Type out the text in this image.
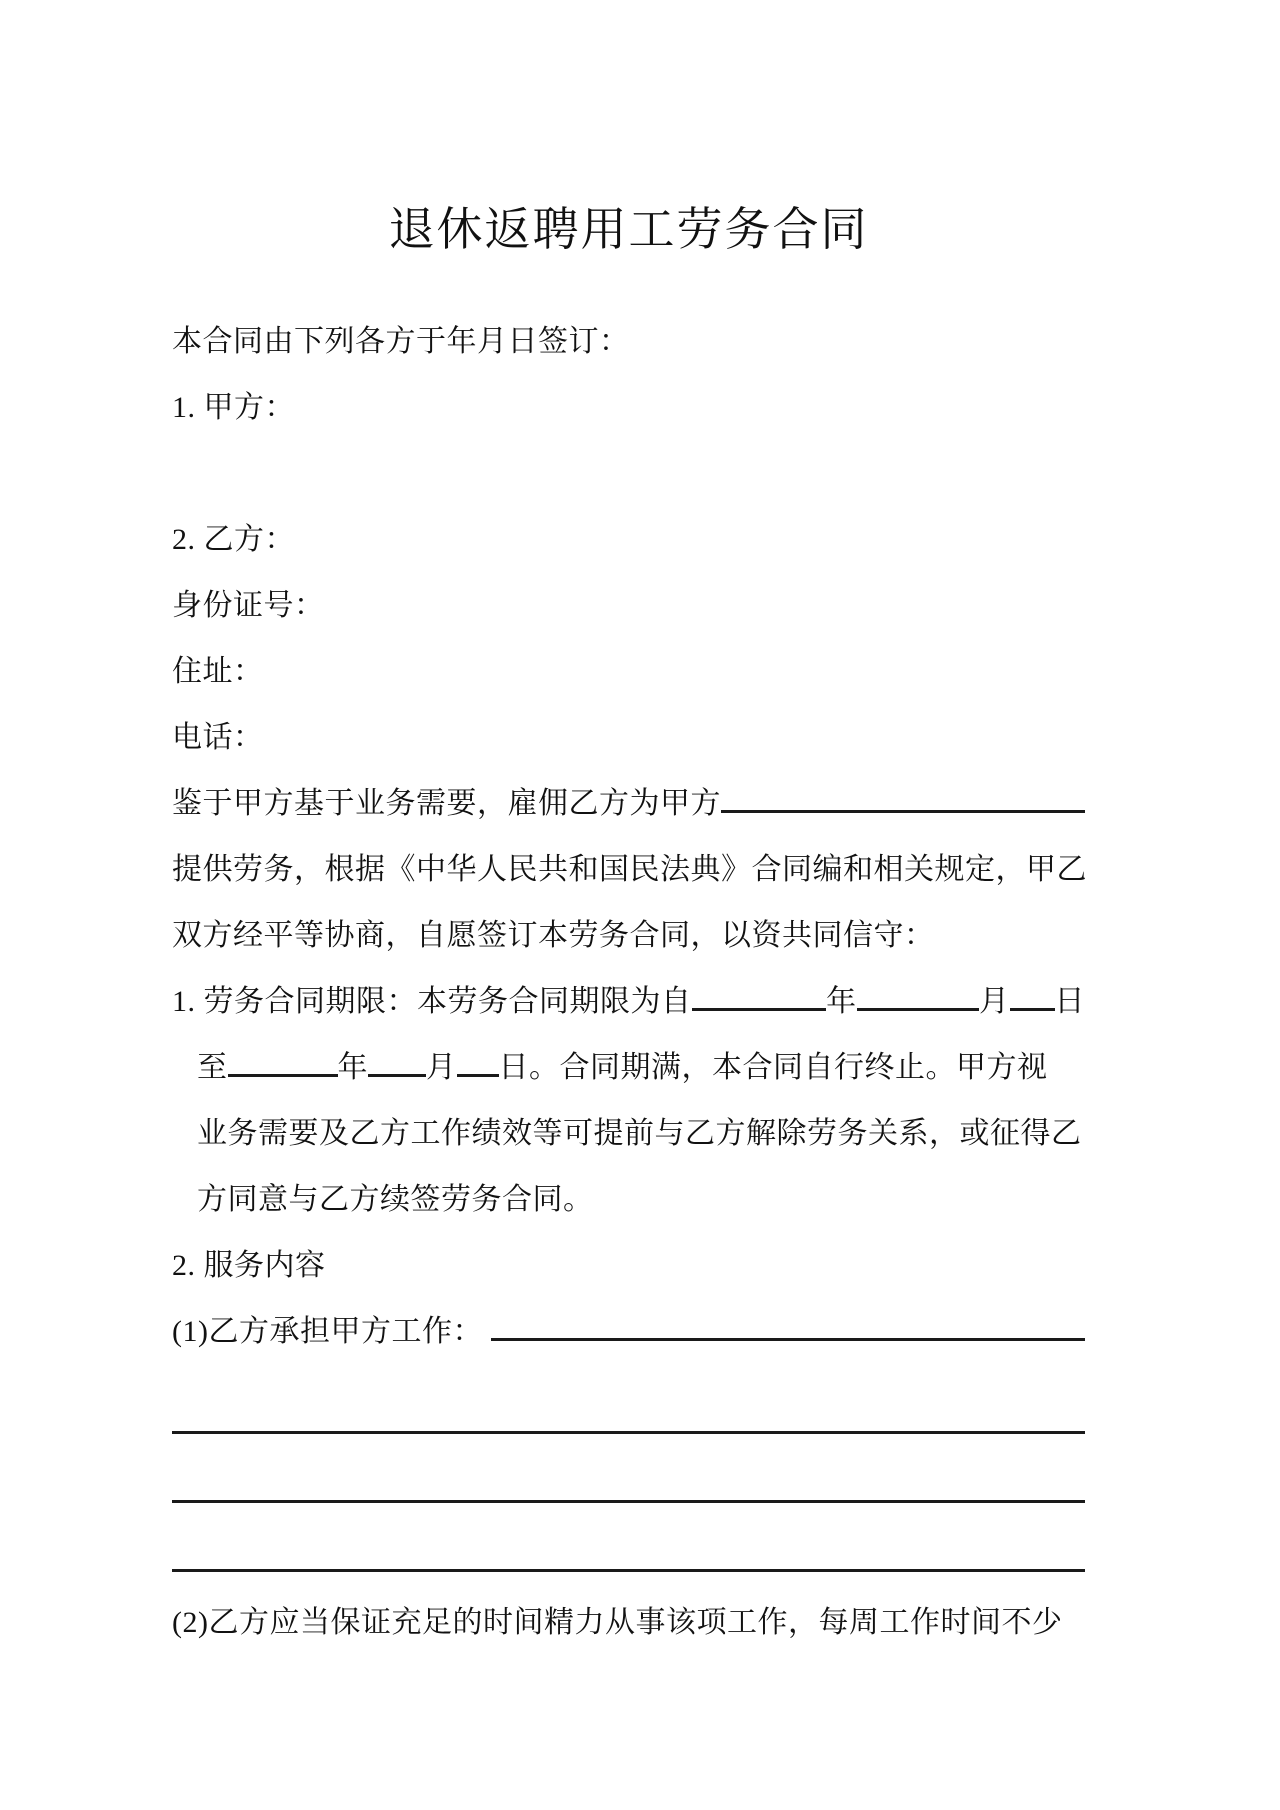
退休返聘用工劳务合同
本合同由下列各方于年月日签订：
1. 甲方：
2. 乙方：
身份证号：
住址：
电话：
鉴于甲方基于业务需要，雇佣乙方为甲方
提供劳务，根据《中华人民共和国民法典》合同编和相关规定，甲乙
双方经平等协商，自愿签订本劳务合同，以资共同信守：
1. 劳务合同期限：本劳务合同期限为自	年	月 日
至	年 月 日 。合同期满，本合同自行终止。甲方视
业务需要及乙方工作绩效等可提前与乙方解除劳务关系，或征得乙
方同意与乙方续签劳务合同。
2. 服务内容
(1)乙方承担甲方工作：
(2)乙方应当保证充足的时间精力从事该项工作，每周工作时间不少
